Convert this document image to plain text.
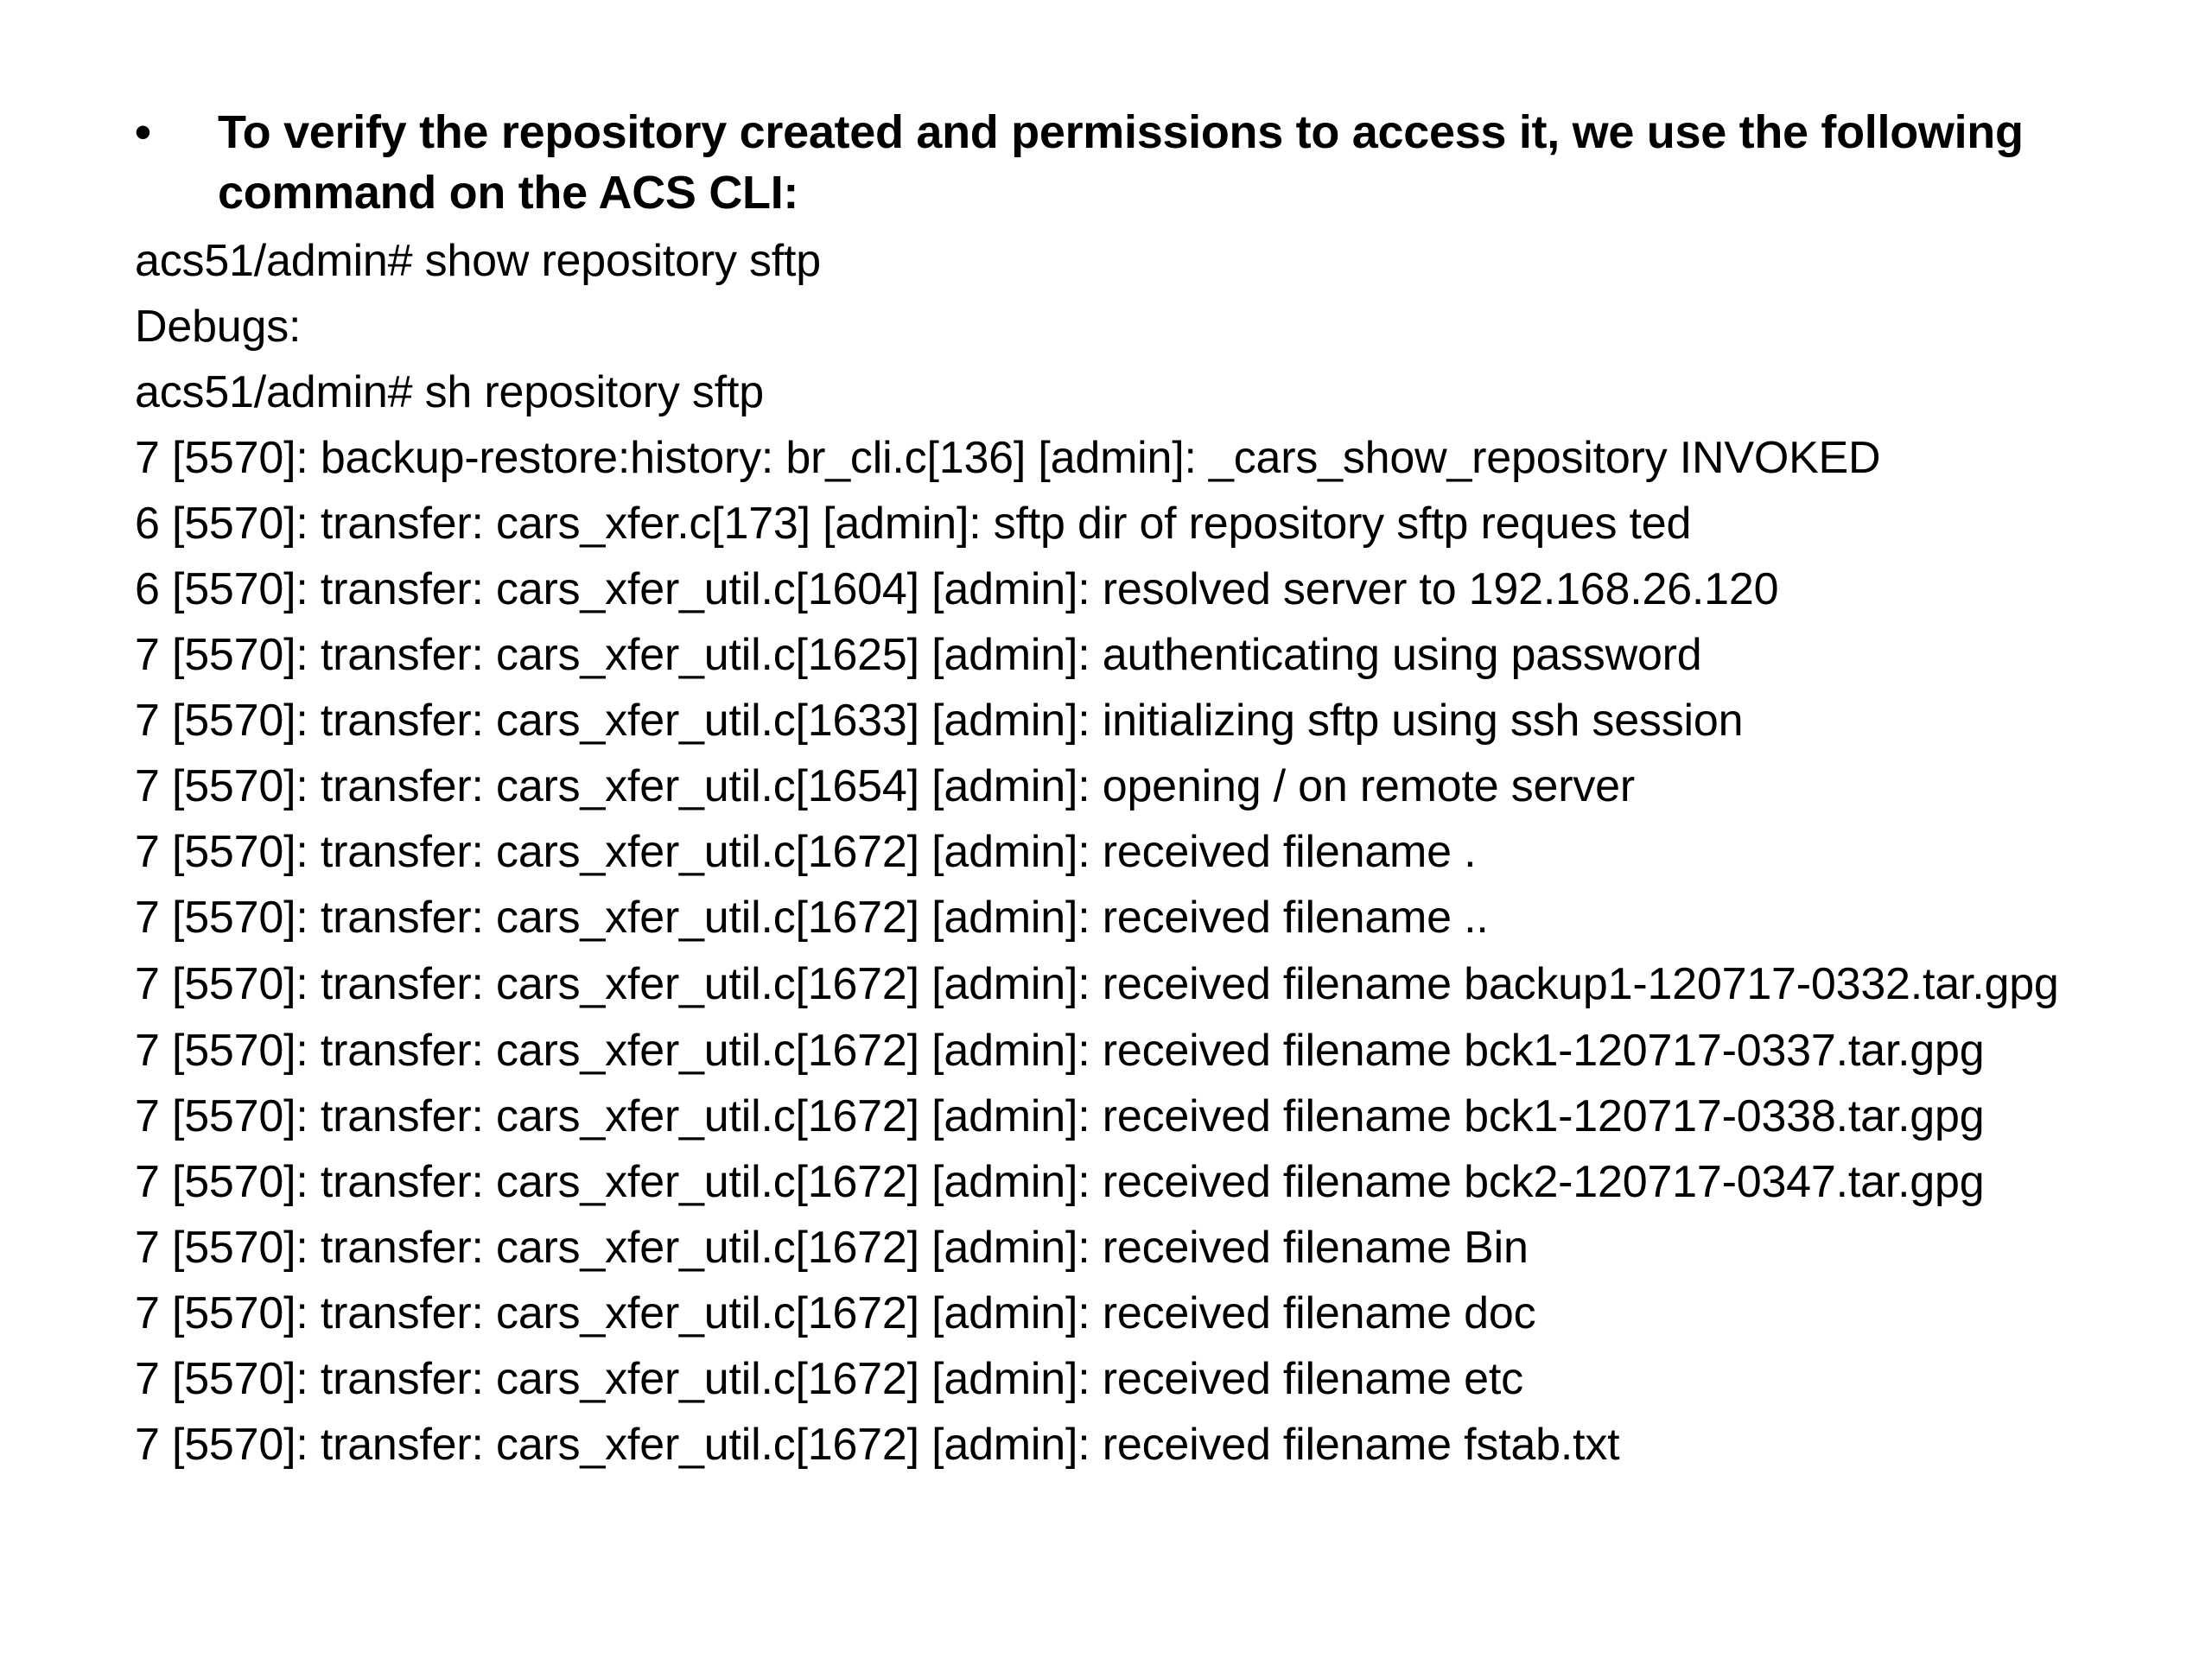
•	To verify the repository created and permissions to access it, we use the following command on the ACS CLI:
acs51/admin# show repository sftp
Debugs:
acs51/admin# sh repository sftp
7 [5570]: backup-restore:history: br_cli.c[136] [admin]: _cars_show_repository INVOKED
6 [5570]: transfer: cars_xfer.c[173] [admin]: sftp dir of repository sftp reques ted
6 [5570]: transfer: cars_xfer_util.c[1604] [admin]: resolved server to 192.168.26.120
7 [5570]: transfer: cars_xfer_util.c[1625] [admin]: authenticating using password
7 [5570]: transfer: cars_xfer_util.c[1633] [admin]: initializing sftp using ssh session
7 [5570]: transfer: cars_xfer_util.c[1654] [admin]: opening / on remote server
7 [5570]: transfer: cars_xfer_util.c[1672] [admin]: received filename .
7 [5570]: transfer: cars_xfer_util.c[1672] [admin]: received filename ..
7 [5570]: transfer: cars_xfer_util.c[1672] [admin]: received filename backup1-120717-0332.tar.gpg
7 [5570]: transfer: cars_xfer_util.c[1672] [admin]: received filename bck1-120717-0337.tar.gpg
7 [5570]: transfer: cars_xfer_util.c[1672] [admin]: received filename bck1-120717-0338.tar.gpg
7 [5570]: transfer: cars_xfer_util.c[1672] [admin]: received filename bck2-120717-0347.tar.gpg
7 [5570]: transfer: cars_xfer_util.c[1672] [admin]: received filename Bin
7 [5570]: transfer: cars_xfer_util.c[1672] [admin]: received filename doc
7 [5570]: transfer: cars_xfer_util.c[1672] [admin]: received filename etc
7 [5570]: transfer: cars_xfer_util.c[1672] [admin]: received filename fstab.txt
